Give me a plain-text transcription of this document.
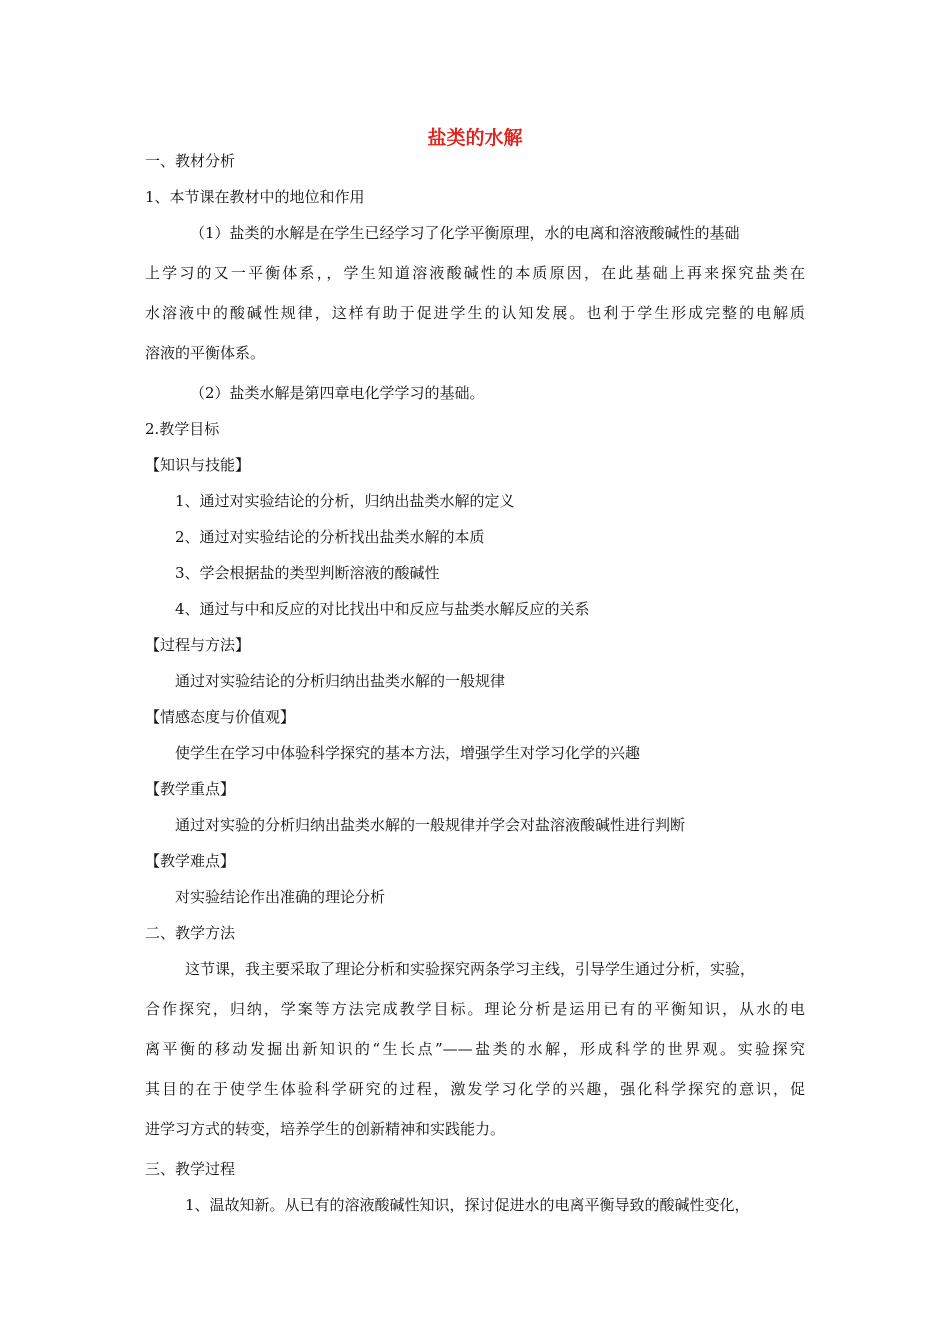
盐类的水解

一、教材分析

1、本节课在教材中的地位和作用

（1）盐类的水解是在学生已经学习了化学平衡原理，水的电离和溶液酸碱性的基础

上学习的又一平衡体系，，学生知道溶液酸碱性的本质原因，在此基础上再来探究盐类在

水溶液中的酸碱性规律，这样有助于促进学生的认知发展。也利于学生形成完整的电解质

溶液的平衡体系。

（2）盐类水解是第四章电化学学习的基础。

2.教学目标

【知识与技能】

1、通过对实验结论的分析，归纳出盐类水解的定义

2、通过对实验结论的分析找出盐类水解的本质

3、学会根据盐的类型判断溶液的酸碱性

4、通过与中和反应的对比找出中和反应与盐类水解反应的关系

【过程与方法】

通过对实验结论的分析归纳出盐类水解的一般规律

【情感态度与价值观】

使学生在学习中体验科学探究的基本方法，增强学生对学习化学的兴趣

【教学重点】

通过对实验的分析归纳出盐类水解的一般规律并学会对盐溶液酸碱性进行判断

【教学难点】

对实验结论作出准确的理论分析

二、教学方法

这节课，我主要采取了理论分析和实验探究两条学习主线，引导学生通过分析，实验，

合作探究，归纳，学案等方法完成教学目标。理论分析是运用已有的平衡知识，从水的电

离平衡的移动发掘出新知识的“生长点”——盐类的水解，形成科学的世界观。实验探究

其目的在于使学生体验科学研究的过程，激发学习化学的兴趣，强化科学探究的意识，促

进学习方式的转变，培养学生的创新精神和实践能力。

三、教学过程

1、温故知新。从已有的溶液酸碱性知识，探讨促进水的电离平衡导致的酸碱性变化，
